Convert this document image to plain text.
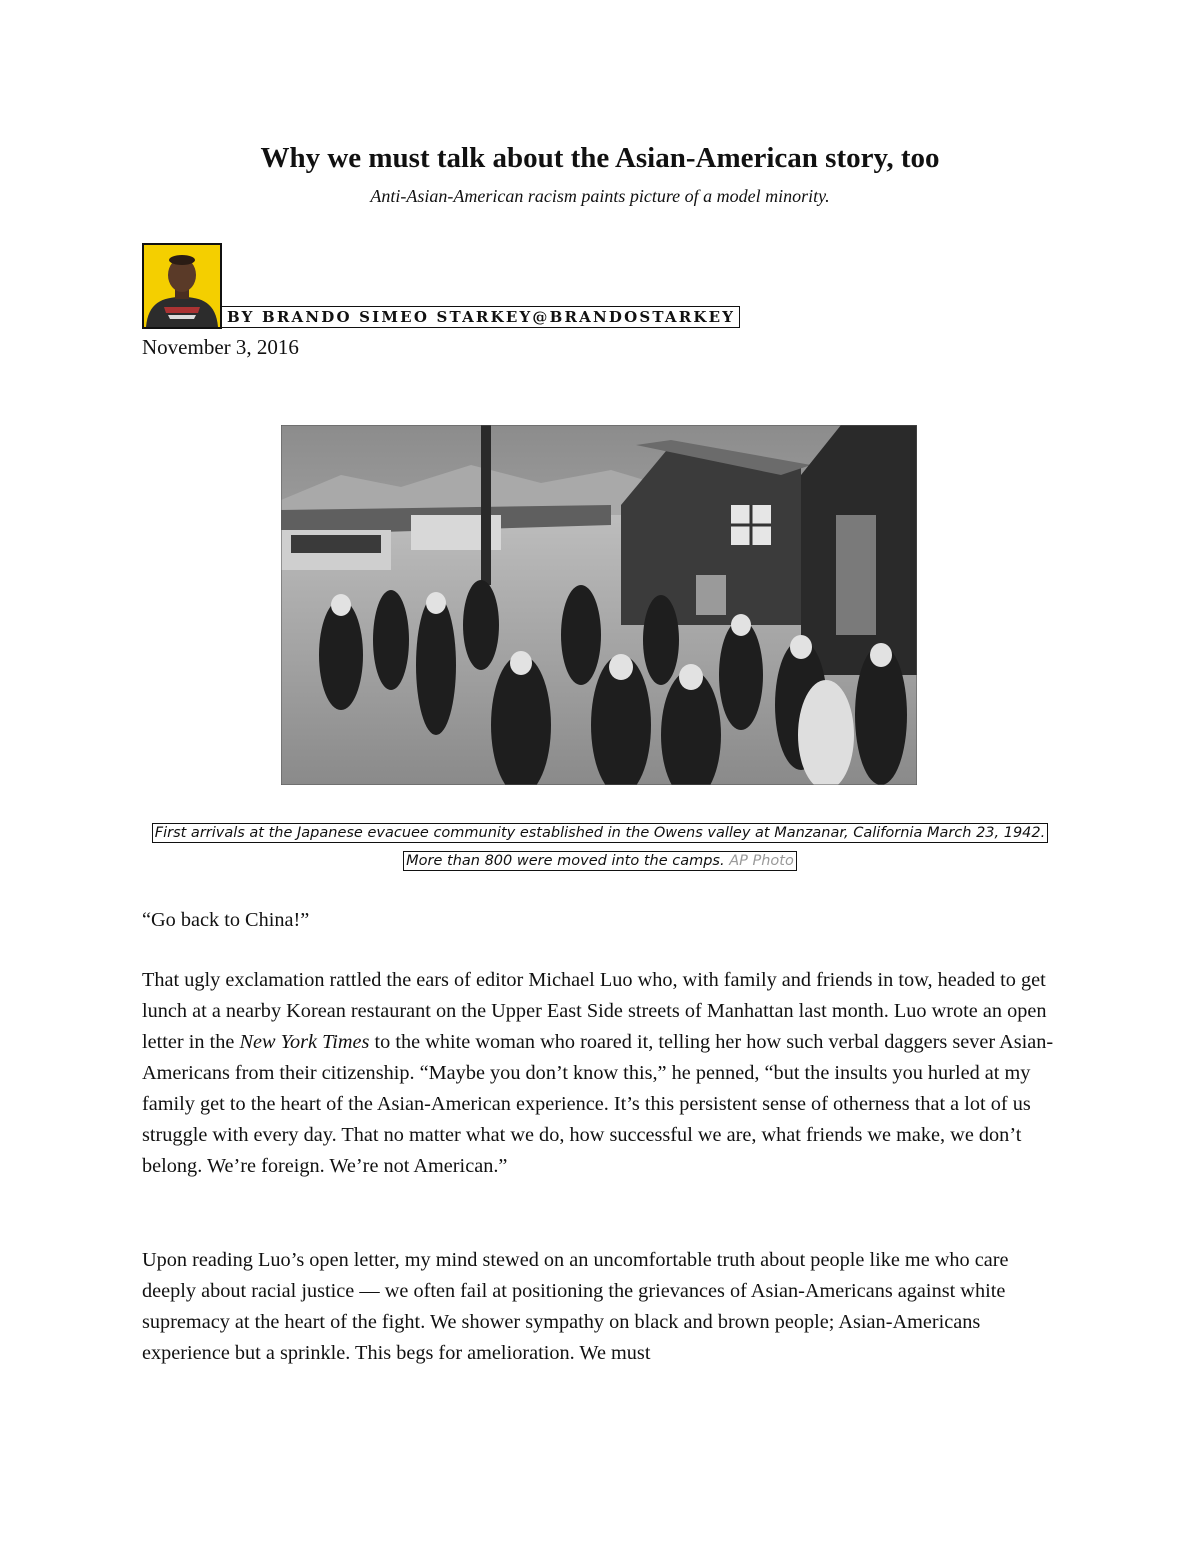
Why we must talk about the Asian-American story, too
Anti-Asian-American racism paints picture of a model minority.
BY BRANDO SIMEO STARKEY@BRANDOSTARKEY
November 3, 2016
First arrivals at the Japanese evacuee community established in the Owens valley at Manzanar, California March 23, 1942. More than 800 were moved into the camps. AP Photo
“Go back to China!”
That ugly exclamation rattled the ears of editor Michael Luo who, with family and friends in tow, headed to get lunch at a nearby Korean restaurant on the Upper East Side streets of Manhattan last month. Luo wrote an open letter in the New York Times to the white woman who roared it, telling her how such verbal daggers sever Asian-Americans from their citizenship. “Maybe you don’t know this,” he penned, “but the insults you hurled at my family get to the heart of the Asian-American experience. It’s this persistent sense of otherness that a lot of us struggle with every day. That no matter what we do, how successful we are, what friends we make, we don’t belong. We’re foreign. We’re not American.”
Upon reading Luo’s open letter, my mind stewed on an uncomfortable truth about people like me who care deeply about racial justice — we often fail at positioning the grievances of Asian-Americans against white supremacy at the heart of the fight. We shower sympathy on black and brown people; Asian-Americans experience but a sprinkle. This begs for amelioration. We must
